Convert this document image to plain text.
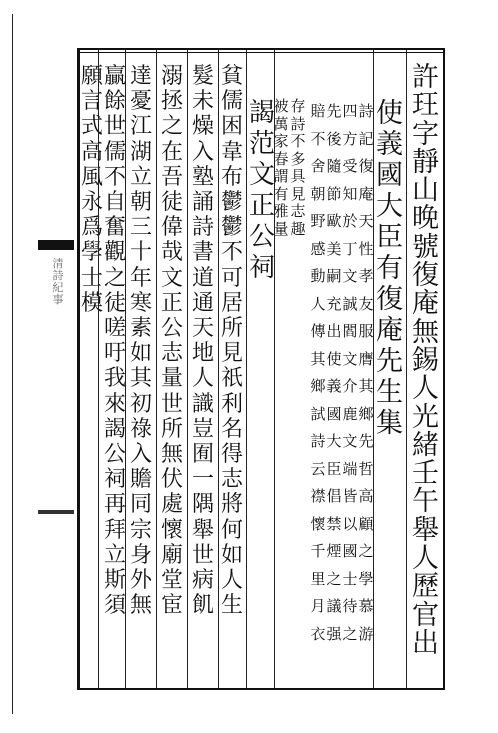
清詩紀事
許玨字靜山晚號復庵無錫人光緒壬午舉人歷官出
使義國大臣有復庵先生集
謁范文正公祠
貧儒困韋布鬱鬱不可居所見祇利名得志將何如人生
髮未燥入塾誦詩書道通天地人識豈囿一隅舉世病飢
溺拯之在吾徒偉哉文正公志量世所無伏處懷廟堂宦
達憂江湖立朝三十年寒素如其初祿入贍同宗身外無
贏餘世儒不自奮觀之徒嗟吁我來謁公祠再拜立斯須
願言式高風永爲學士模
詩記復庵天性孝友服膺其鄉先哲高顧之學慕游
四方受知於丁文誠閻文介鹿文端皆以國士待之
先後隨節歐美嗣充出使義國大臣倡禁煙之議强
賠不舍朝野感動人傳其鄉試詩云襟懷千里月衣
存詩不多具見志趣
被萬家春謂有雅量
